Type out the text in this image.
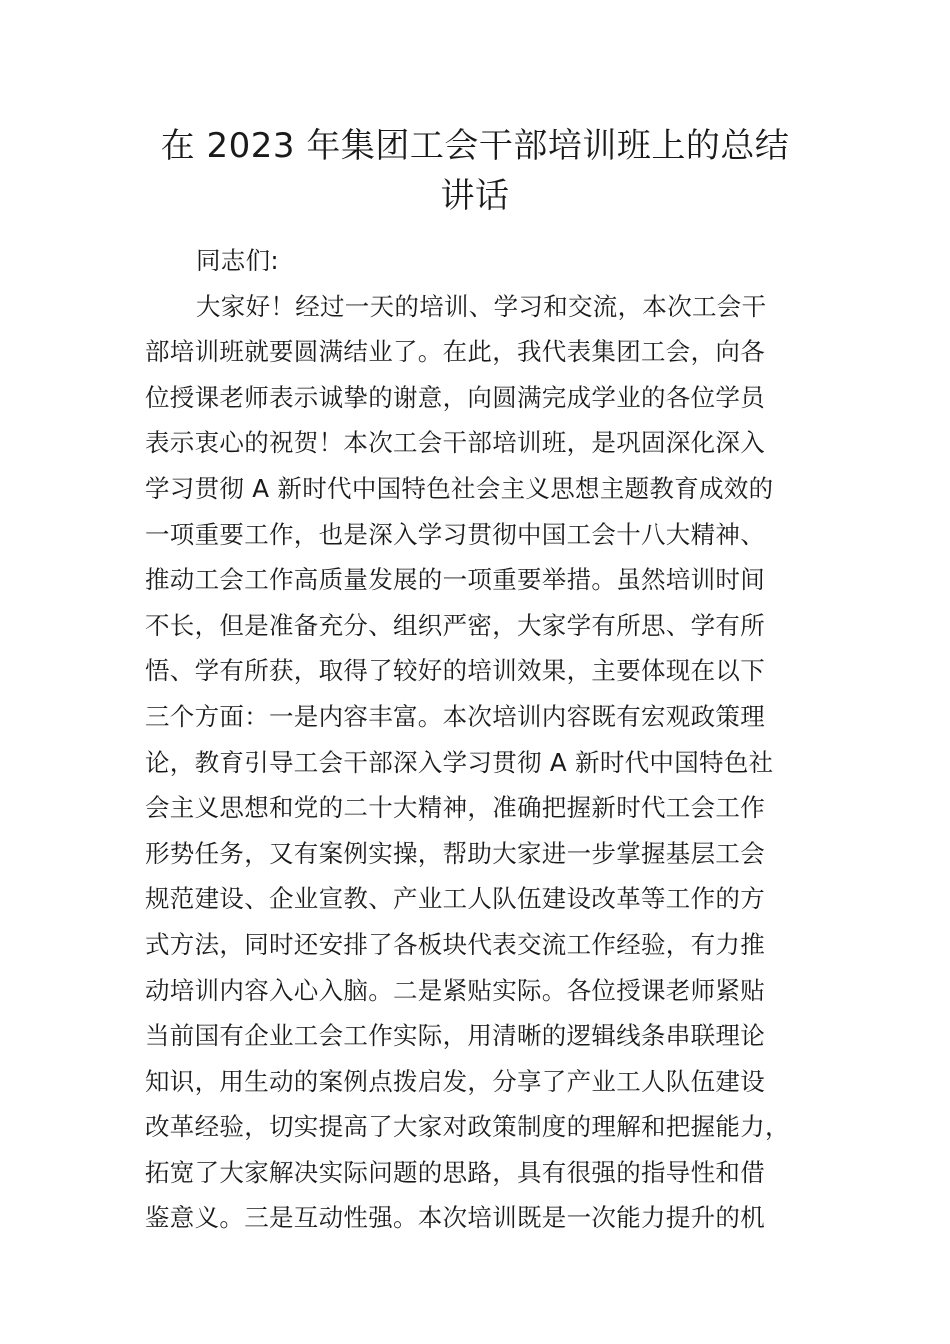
在 2023 年集团工会干部培训班上的总结
讲话
同志们:
大家好！经过一天的培训、学习和交流，本次工会干
部培训班就要圆满结业了。在此，我代表集团工会，向各
位授课老师表示诚挚的谢意，向圆满完成学业的各位学员
表示衷心的祝贺！本次工会干部培训班，是巩固深化深入
学习贯彻 A 新时代中国特色社会主义思想主题教育成效的
一项重要工作，也是深入学习贯彻中国工会十八大精神、
推动工会工作高质量发展的一项重要举措。虽然培训时间
不长，但是准备充分、组织严密，大家学有所思、学有所
悟、学有所获，取得了较好的培训效果，主要体现在以下
三个方面：一是内容丰富。本次培训内容既有宏观政策理
论，教育引导工会干部深入学习贯彻 A 新时代中国特色社
会主义思想和党的二十大精神，准确把握新时代工会工作
形势任务，又有案例实操，帮助大家进一步掌握基层工会
规范建设、企业宣教、产业工人队伍建设改革等工作的方
式方法，同时还安排了各板块代表交流工作经验，有力推
动培训内容入心入脑。二是紧贴实际。各位授课老师紧贴
当前国有企业工会工作实际，用清晰的逻辑线条串联理论
知识，用生动的案例点拨启发，分享了产业工人队伍建设
改革经验，切实提高了大家对政策制度的理解和把握能力，
拓宽了大家解决实际问题的思路，具有很强的指导性和借
鉴意义。三是互动性强。本次培训既是一次能力提升的机
